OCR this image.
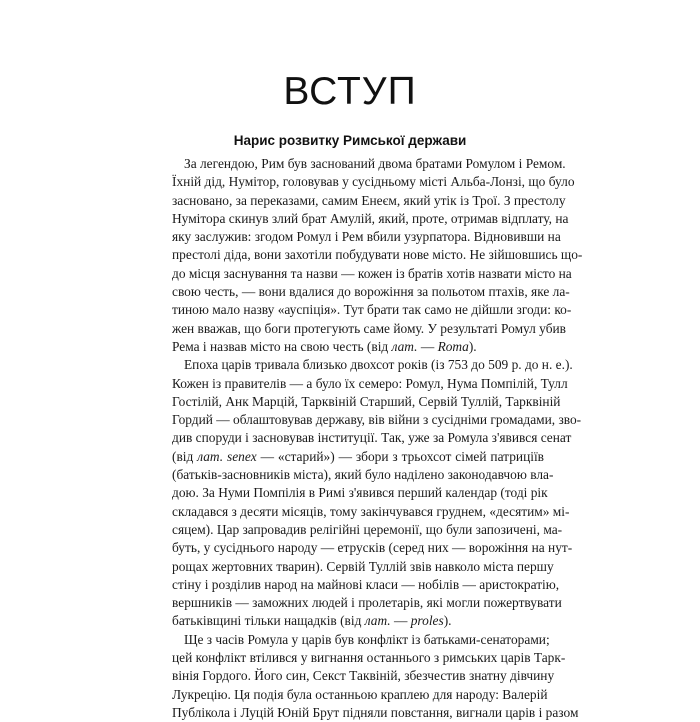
ВСТУП
Нарис розвитку Римської держави
За легендою, Рим був заснований двома братами Ромулом і Ремом.
Їхній дід, Нумітор, головував у сусідньому місті Альба-Лонзі, що було
засновано, за переказами, самим Енеєм, який утік із Трої. З престолу
Нумітора скинув злий брат Амулій, який, проте, отримав відплату, на
яку заслужив: згодом Ромул і Рем вбили узурпатора. Відновивши на
престолі діда, вони захотіли побудувати нове місто. Не зійшовшись що-
до місця заснування та назви — кожен із братів хотів назвати місто на
свою честь, — вони вдалися до ворожіння за польотом птахів, яке ла-
тиною мало назву «ауспіція». Тут брати так само не дійшли згоди: ко-
жен вважав, що боги протегують саме йому. У результаті Ромул убив
Рема і назвав місто на свою честь (від лат. — Roma).
Епоха царів тривала близько двохсот років (із 753 до 509 р. до н. е.).
Кожен із правителів — а було їх семеро: Ромул, Нума Помпілій, Тулл
Гостілій, Анк Марцій, Тарквіній Старший, Сервій Туллій, Тарквіній
Гордий — облаштовував державу, вів війни з сусідніми громадами, зво-
див споруди і засновував інституції. Так, уже за Ромула з'явився сенат
(від лат. senex — «старий») — збори з трьохсот сімей патриціїв
(батьків-засновників міста), який було наділено законодавчою вла-
дою. За Нуми Помпілія в Римі з'явився перший календар (тоді рік
складався з десяти місяців, тому закінчувався груднем, «десятим» мі-
сяцем). Цар запровадив релігійні церемонії, що були запозичені, ма-
буть, у сусіднього народу — етрусків (серед них — ворожіння на нут-
рощах жертовних тварин). Сервій Туллій звів навколо міста першу
стіну і розділив народ на майнові класи — нобілів — аристократію,
вершників — заможних людей і пролетарів, які могли пожертвувати
батьківщині тільки нащадків (від лат. — proles).
Ще з часів Ромула у царів був конфлікт із батьками-сенаторами;
цей конфлікт втілився у вигнання останнього з римських царів Тарк-
вінія Гордого. Його син, Секст Таквіній, збезчестив знатну дівчину
Лукрецію. Ця подія була останньою краплею для народу: Валерій
Публікола і Луцій Юній Брут підняли повстання, вигнали царів і разом
